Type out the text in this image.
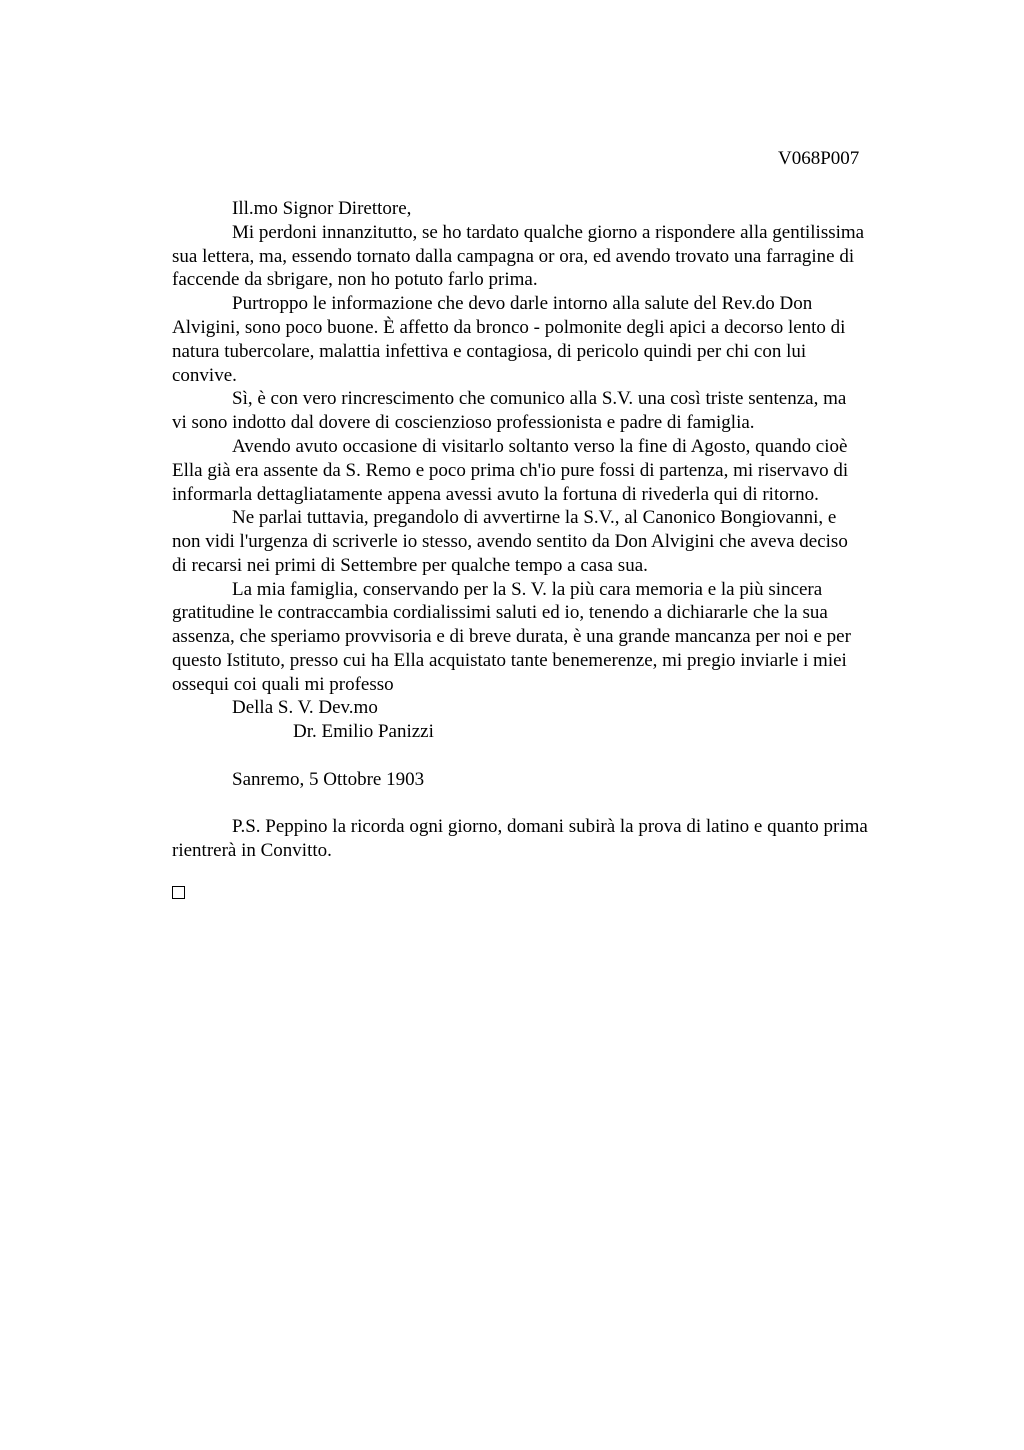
V068P007
Ill.mo Signor Direttore,
Mi perdoni innanzitutto, se ho tardato qualche giorno a rispondere alla gentilissima
sua lettera, ma, essendo tornato dalla campagna or ora, ed avendo trovato una farragine di
faccende da sbrigare, non ho potuto farlo prima.
Purtroppo le informazione che devo darle intorno alla salute del Rev.do Don
Alvigini, sono poco buone. È affetto da bronco - polmonite degli apici a decorso lento di
natura tubercolare, malattia infettiva e contagiosa, di pericolo quindi per chi con lui
convive.
Sì, è con vero rincrescimento che comunico alla S.V. una così triste sentenza, ma
vi sono indotto dal dovere di coscienzioso professionista e padre di famiglia.
Avendo avuto occasione di visitarlo soltanto verso la fine di Agosto, quando cioè
Ella già era assente da S. Remo e poco prima ch'io pure fossi di partenza, mi riservavo di
informarla dettagliatamente appena avessi avuto la fortuna di rivederla qui di ritorno.
Ne parlai tuttavia, pregandolo di avvertirne la S.V., al Canonico Bongiovanni, e
non vidi l'urgenza di scriverle io stesso, avendo sentito da Don Alvigini che aveva deciso
di recarsi nei primi di Settembre per qualche tempo a casa sua.
La mia famiglia, conservando per la S. V. la più cara memoria e la più sincera
gratitudine le contraccambia cordialissimi saluti ed io, tenendo a dichiararle che la sua
assenza, che speriamo provvisoria e di breve durata, è una grande mancanza per noi e per
questo Istituto, presso cui ha Ella acquistato tante benemerenze, mi pregio inviarle i miei
ossequi coi quali mi professo
Della S. V. Dev.mo
Dr. Emilio Panizzi
Sanremo, 5 Ottobre 1903
P.S. Peppino la ricorda ogni giorno, domani subirà la prova di latino e quanto prima
rientrerà in Convitto.
